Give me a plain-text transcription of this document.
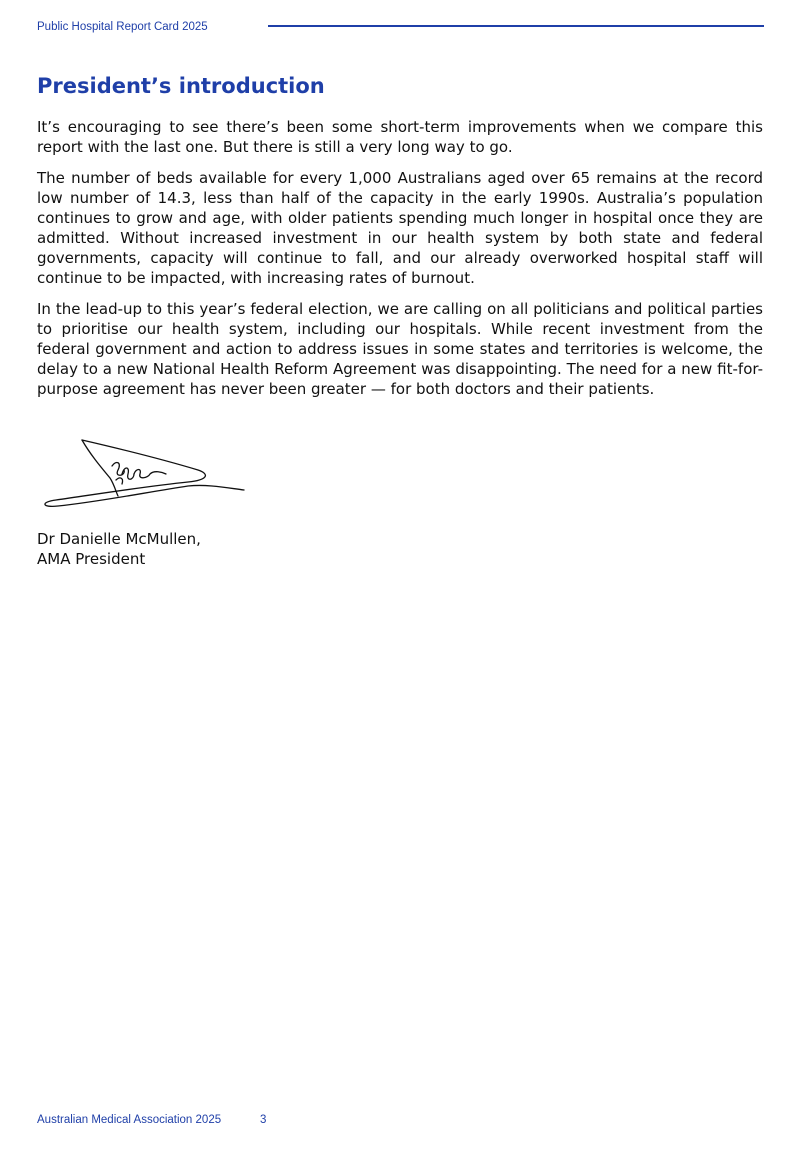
Public Hospital Report Card 2025
President’s introduction

It’s encouraging to see there’s been some short-term improvements when we compare this report with the last one. But there is still a very long way to go.

The number of beds available for every 1,000 Australians aged over 65 remains at the record low number of 14.3, less than half of the capacity in the early 1990s. Australia’s population continues to grow and age, with older patients spending much longer in hospital once they are admitted. Without increased investment in our health system by both state and federal governments, capacity will continue to fall, and our already overworked hospital staff will continue to be impacted, with increasing rates of burnout.

In the lead-up to this year’s federal election, we are calling on all politicians and political parties to prioritise our health system, including our hospitals. While recent investment from the federal government and action to address issues in some states and territories is welcome, the delay to a new National Health Reform Agreement was disappointing. The need for a new fit-for-purpose agreement has never been greater — for both doctors and their patients.

Dr Danielle McMullen,
AMA President
Australian Medical Association 2025	3
